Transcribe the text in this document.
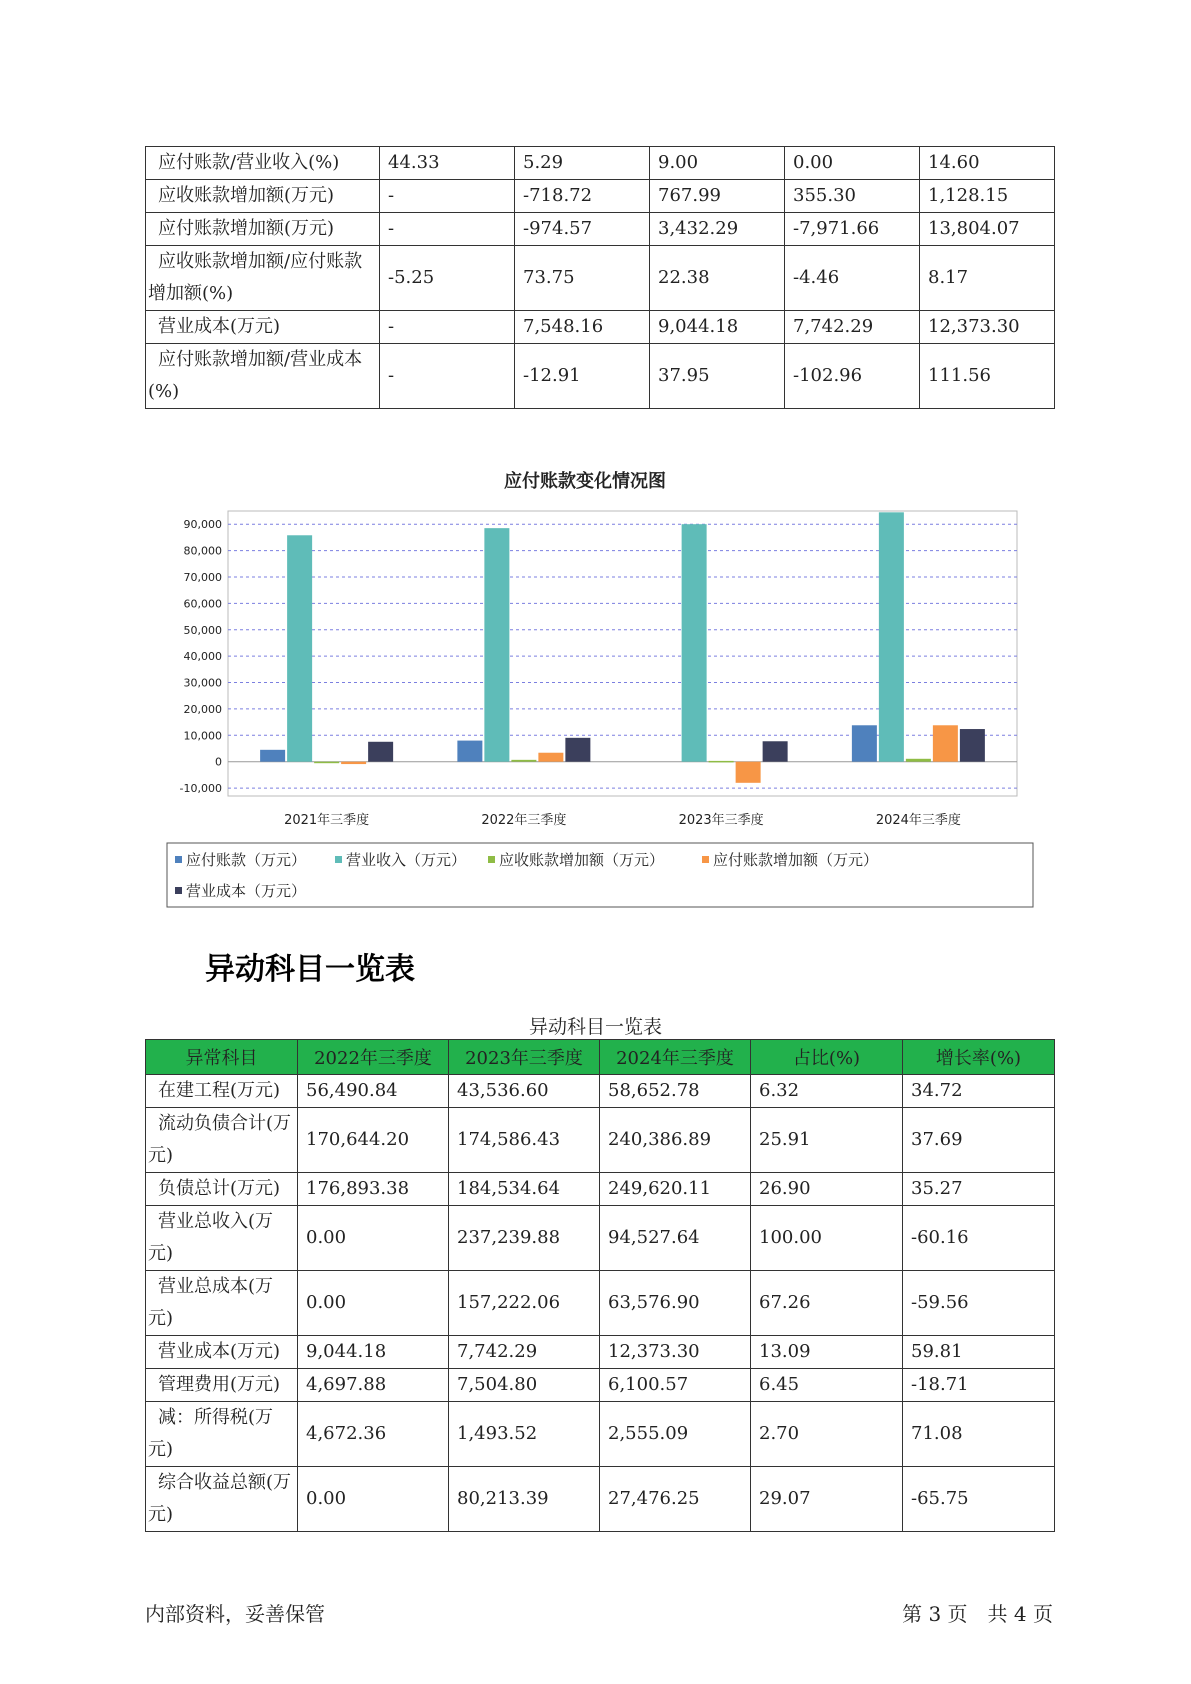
应付账款/营业收入(%)	44.33	5.29	9.00	0.00	14.60
应收账款增加额(万元)	-	-718.72	767.99	355.30	1,128.15
应付账款增加额(万元)	-	-974.57	3,432.29	-7,971.66	13,804.07
应收账款增加额/应付账款增加额(%)	-5.25	73.75	22.38	-4.46	8.17
营业成本(万元)	-	7,548.16	9,044.18	7,742.29	12,373.30
应付账款增加额/营业成本(%)	-	-12.91	37.95	-102.96	111.56
应付账款变化情况图
90,000
80,000
70,000
60,000
50,000
40,000
30,000
20,000
10,000
0
-10,000
2021年三季度	2022年三季度	2023年三季度	2024年三季度
应付账款（万元）	营业收入（万元） 应收账款增加额（万元）	应付账款增加额（万元）
营业成本（万元）
异动科目一览表
异动科目一览表
异常科目	2022年三季度	2023年三季度	2024年三季度	占比(%)	增长率(%)
在建工程(万元)	56,490.84	43,536.60	58,652.78	6.32	34.72
流动负债合计(万元)	170,644.20	174,586.43	240,386.89	25.91	37.69
负债总计(万元)	176,893.38	184,534.64	249,620.11	26.90	35.27
营业总收入(万元)	0.00	237,239.88	94,527.64	100.00	-60.16
营业总成本(万元)	0.00	157,222.06	63,576.90	67.26	-59.56
营业成本(万元)	9,044.18	7,742.29	12,373.30	13.09	59.81
管理费用(万元)	4,697.88	7,504.80	6,100.57	6.45	-18.71
减：所得税(万元)	4,672.36	1,493.52	2,555.09	2.70	71.08
综合收益总额(万元)	0.00	80,213.39	27,476.25	29.07	-65.75
内部资料，妥善保管	第 3 页　共 4 页
